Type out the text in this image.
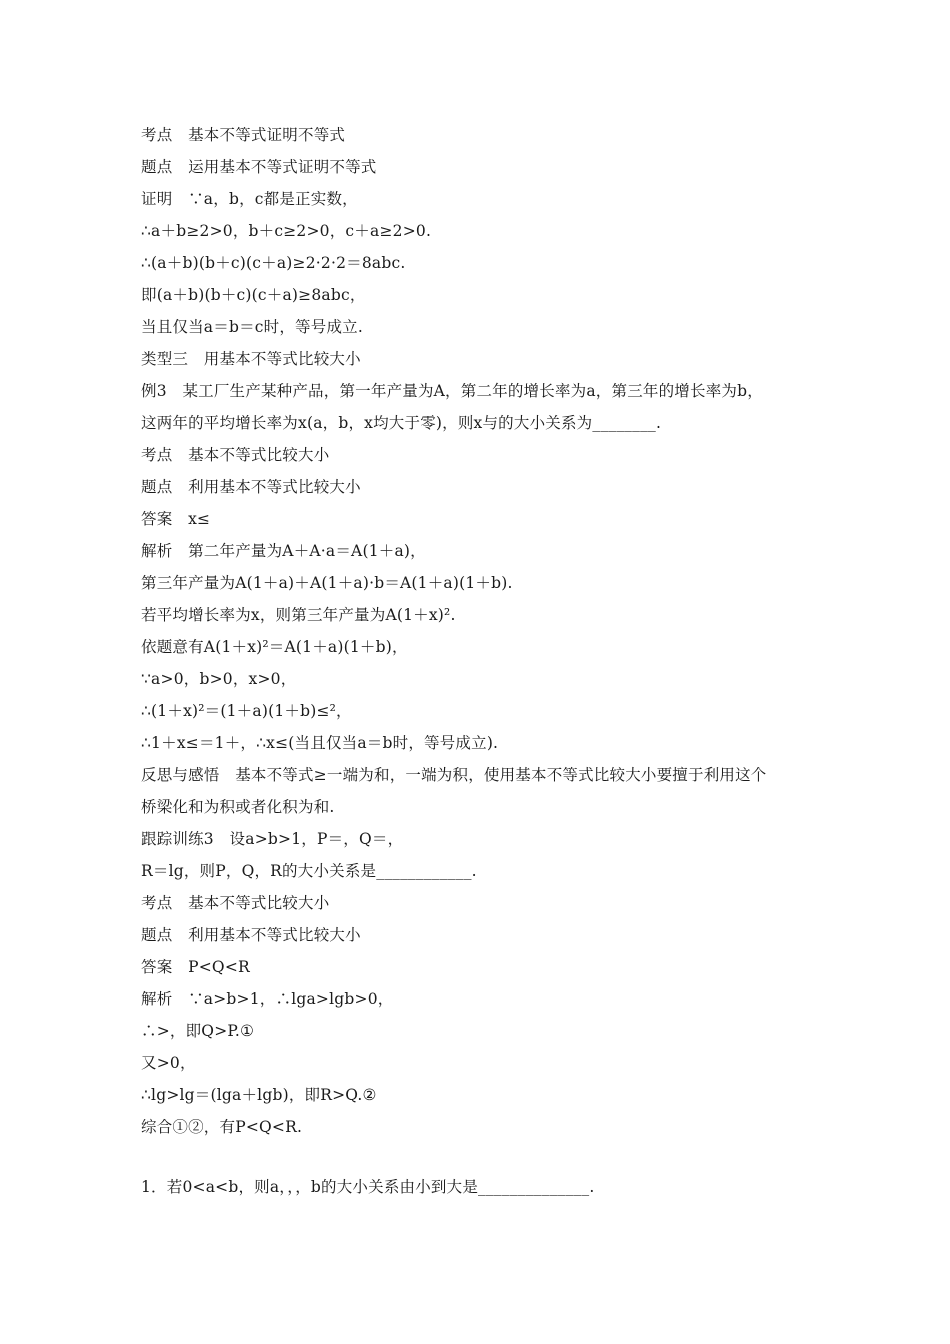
考点　基本不等式证明不等式
题点　运用基本不等式证明不等式
证明　∵a，b，c都是正实数，
∴a＋b≥2>0，b＋c≥2>0，c＋a≥2>0.
∴(a＋b)(b＋c)(c＋a)≥2·2·2＝8abc.
即(a＋b)(b＋c)(c＋a)≥8abc，
当且仅当a＝b＝c时，等号成立.
类型三　用基本不等式比较大小
例3　某工厂生产某种产品，第一年产量为A，第二年的增长率为a，第三年的增长率为b，
这两年的平均增长率为x(a，b，x均大于零)，则x与的大小关系为________.
考点　基本不等式比较大小
题点　利用基本不等式比较大小
答案　x≤
解析　第二年产量为A＋A·a＝A(1＋a)，
第三年产量为A(1＋a)＋A(1＋a)·b＝A(1＋a)(1＋b).
若平均增长率为x，则第三年产量为A(1＋x)².
依题意有A(1＋x)²＝A(1＋a)(1＋b)，
∵a>0，b>0，x>0，
∴(1＋x)²＝(1＋a)(1＋b)≤²，
∴1＋x≤＝1＋，∴x≤(当且仅当a＝b时，等号成立).
反思与感悟　基本不等式≥一端为和，一端为积，使用基本不等式比较大小要擅于利用这个
桥梁化和为积或者化积为和.
跟踪训练3　设a>b>1，P＝，Q＝，
R＝lg，则P，Q，R的大小关系是____________.
考点　基本不等式比较大小
题点　利用基本不等式比较大小
答案　P<Q<R
解析　∵a>b>1，∴lga>lgb>0，
∴>，即Q>P.①
又>0，
∴lg>lg＝(lga＋lgb)，即R>Q.②
综合①②，有P<Q<R.
1．若0<a<b，则a，，，b的大小关系由小到大是______________.
